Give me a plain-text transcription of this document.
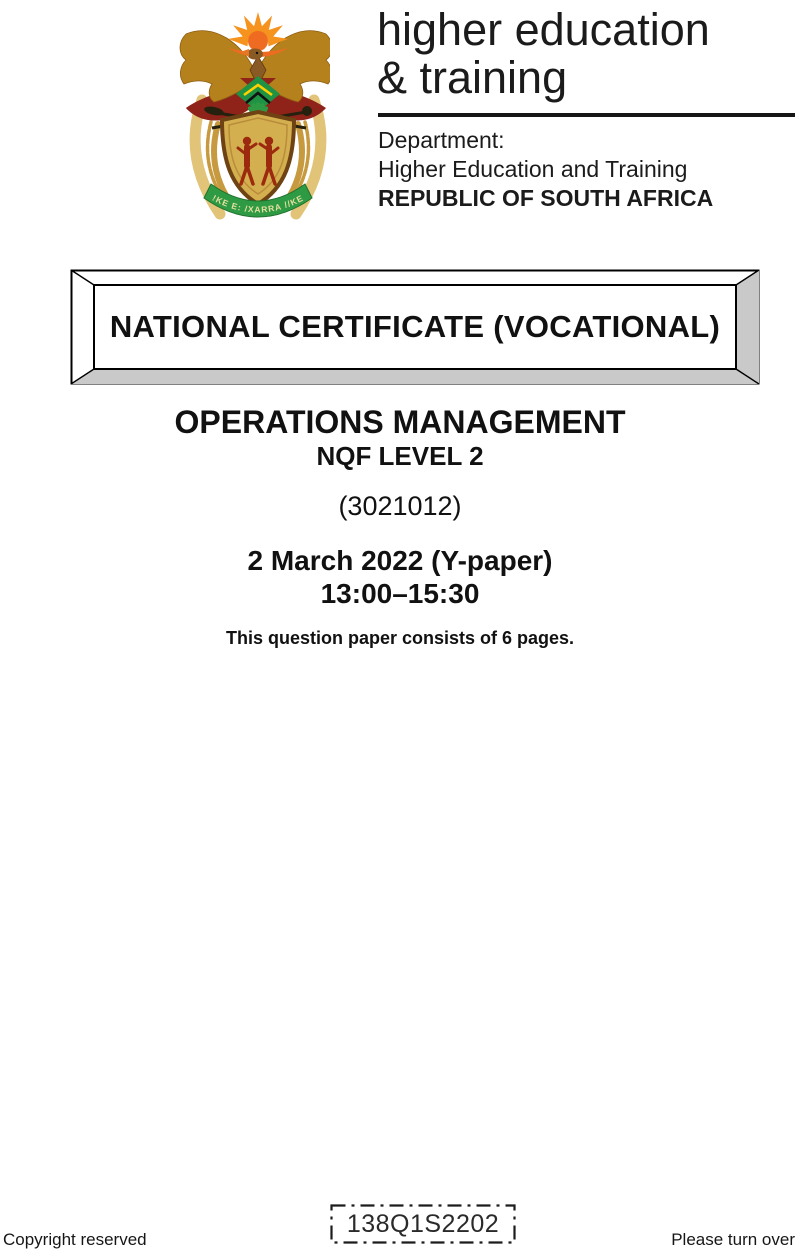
!KE E: /XARRA //KE
higher education
& training
Department:
Higher Education and Training
REPUBLIC OF SOUTH AFRICA
NATIONAL CERTIFICATE (VOCATIONAL)
OPERATIONS MANAGEMENT
NQF LEVEL 2
(3021012)
2 March 2022 (Y-paper)
13:00–15:30
This question paper consists of 6 pages.
Copyright reserved
138Q1S2202
Please turn over
